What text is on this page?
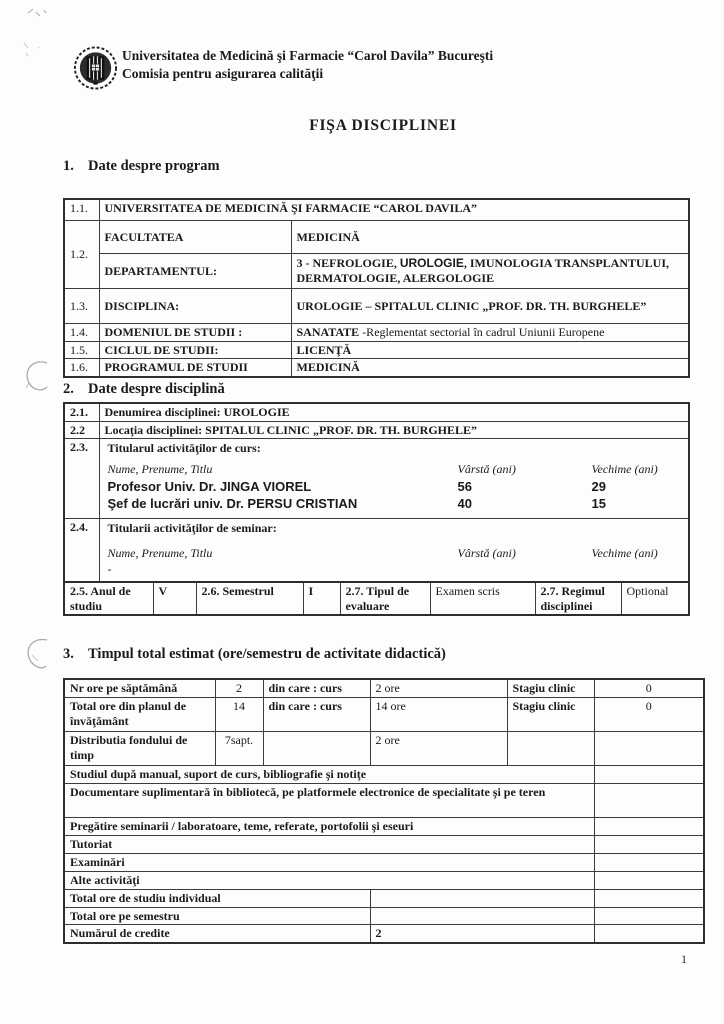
Universitatea de Medicină şi Farmacie “Carol Davila” Bucureşti
Comisia pentru asigurarea calităţii
FIŞA DISCIPLINEI
1. Date despre program
1.1.	UNIVERSITATEA DE MEDICINĂ ŞI FARMACIE “CAROL DAVILA”	
1.2.	FACULTATEA	MEDICINĂ
	DEPARTAMENTUL:	3 - NEFROLOGIE, UROLOGIE, IMUNOLOGIA TRANSPLANTULUI, DERMATOLOGIE, ALERGOLOGIE
1.3.	DISCIPLINA:	UROLOGIE – SPITALUL CLINIC „PROF. DR. TH. BURGHELE”
1.4.	DOMENIUL DE STUDII :	SANATATE -Reglementat sectorial în cadrul Uniunii Europene
1.5.	CICLUL DE STUDII:	LICENŢĂ
1.6.	PROGRAMUL DE STUDII	MEDICINĂ
2. Date despre disciplină
2.1.	Denumirea disciplinei: UROLOGIE
2.2	Locaţia disciplinei: SPITALUL CLINIC „PROF. DR. TH. BURGHELE”
2.3.	Titularul activităţilor de curs:
Nume, Prenume, Titlu	Vârstă (ani)	Vechime (ani)
Profesor Univ. Dr. JINGA VIOREL	56	29
Şef de lucrări univ. Dr. PERSU CRISTIAN	40	15

2.4.	Titularii activităţilor de seminar:
Nume, Prenume, Titlu Vârstă (ani) Vechime (ani)
-
2.5. Anul de studiu	V	2.6. Semestrul	I	2.7. Tipul de evaluare	Examen scris	2.7. Regimul disciplinei	Optional
3. Timpul total estimat (ore/semestru de activitate didactică)
Nr ore pe săptămână	2	din care : curs	2 ore	Stagiu clinic	0
Total ore din planul de învăţământ	14	din care : curs	14 ore	Stagiu clinic	0
Distributia fondului de timp	7sapt.		2 ore		
Studiul după manual, suport de curs, bibliografie şi notiţe					
Documentare suplimentară în bibliotecă, pe platformele electronice de specialitate şi pe teren					
Pregătire seminarii / laboratoare, teme, referate, portofolii şi eseuri					
Tutoriat					
Examinări					
Alte activităţi					
Total ore de studiu individual					
Total ore pe semestru					
Numărul de credite			2		
1
